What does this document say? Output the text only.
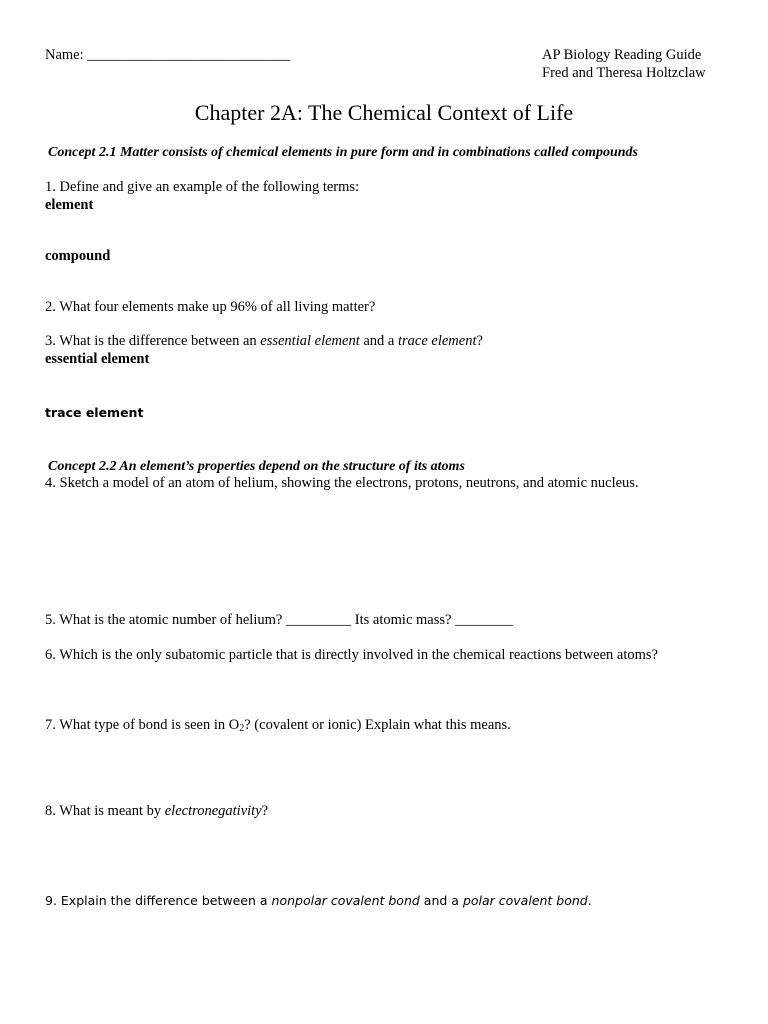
Name: ____________________________	AP Biology Reading Guide
Fred and Theresa Holtzclaw
Chapter 2A: The Chemical Context of Life
Concept 2.1 Matter consists of chemical elements in pure form and in combinations called compounds
1. Define and give an example of the following terms:
element
compound
2. What four elements make up 96% of all living matter?
3. What is the difference between an essential element and a trace element?
essential element
trace element
Concept 2.2 An element’s properties depend on the structure of its atoms
4. Sketch a model of an atom of helium, showing the electrons, protons, neutrons, and atomic nucleus.
5. What is the atomic number of helium? _________ Its atomic mass? ________
6. Which is the only subatomic particle that is directly involved in the chemical reactions between atoms?
7. What type of bond is seen in $O_2$? (covalent or ionic) Explain what this means.
8. What is meant by electronegativity?
9. Explain the difference between a nonpolar covalent bond and a polar covalent bond.
